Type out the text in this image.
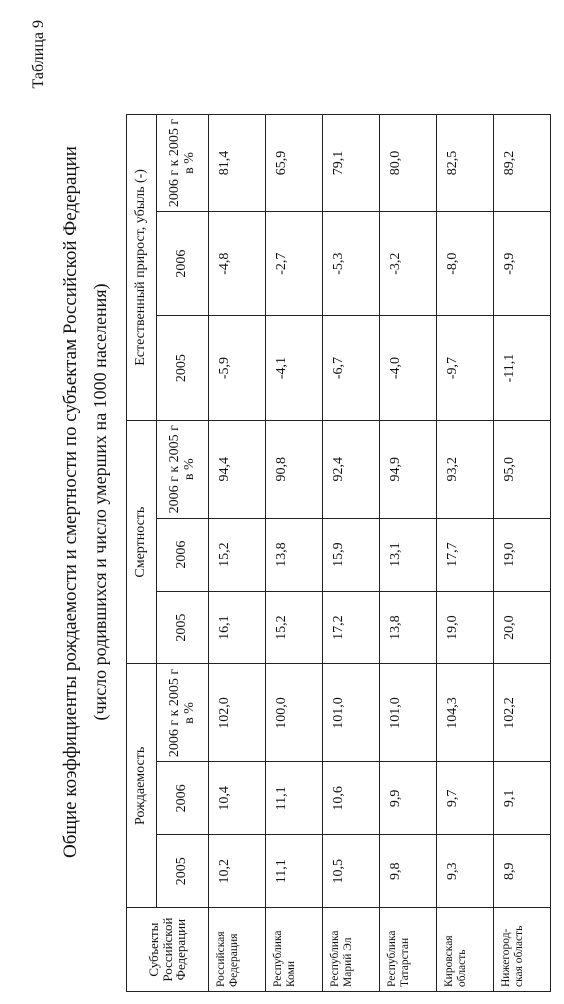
Таблица 9
Общие коэффициенты рождаемости и смертности по субъектам Российской Федерации (число родившихся и число умерших на 1000 населения)
Субъекты Российской Федерации	Рождаемость			Смертность			Естественный прирост, убыль (-)		
	2005	2006	2006 г к 2005 г в %	2005	2006	2006 г к 2005 г в %	2005	2006	2006 г к 2005 г в %
Российская Федерация	10,2	10,4	102,0	16,1	15,2	94,4	-5,9	-4,8	81,4
Республика Коми	11,1	11,1	100,0	15,2	13,8	90,8	-4,1	-2,7	65,9
Республика Марий Эл	10,5	10,6	101,0	17,2	15,9	92,4	-6,7	-5,3	79,1
Республика Татарстан	9,8	9,9	101,0	13,8	13,1	94,9	-4,0	-3,2	80,0
Кировская область	9,3	9,7	104,3	19,0	17,7	93,2	-9,7	-8,0	82,5
Нижегород-ская область	8,9	9,1	102,2	20,0	19,0	95,0	-11,1	-9,9	89,2
